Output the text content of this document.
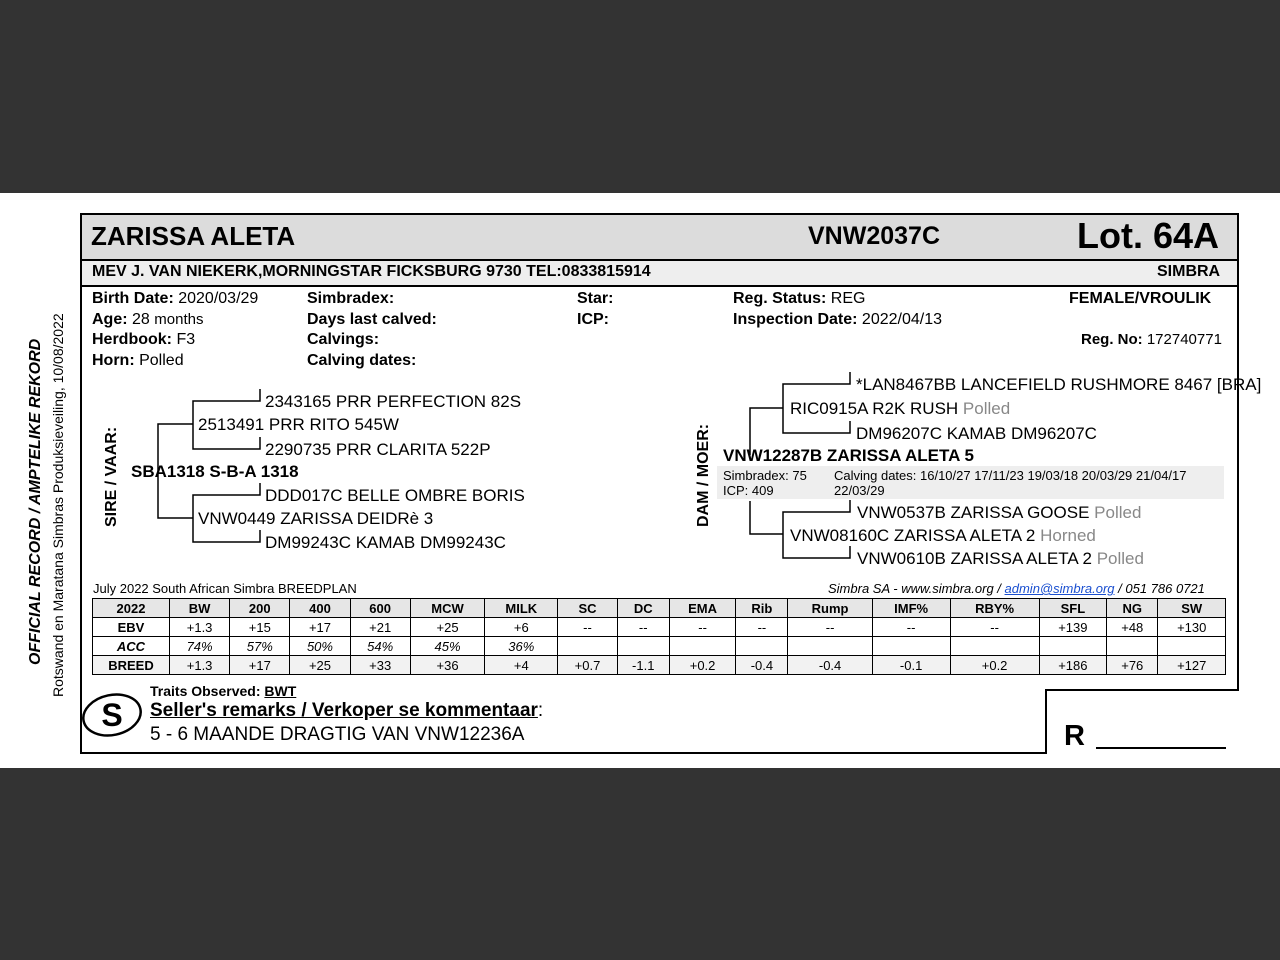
OFFICIAL RECORD / AMPTELIKE REKORD Rotswand en Maratana Simbras Produksieveiling, 10/08/2022
ZARISSA ALETA	VNW2037C	Lot. 64A
MEV J. VAN NIEKERK,MORNINGSTAR FICKSBURG 9730 TEL:0833815914	SIMBRA
Birth Date: 2020/03/29
Age: 28 months
Herdbook: F3
Horn: Polled
Simbradex:
Days last calved:
Calvings:
Calving dates:
Star:
ICP:
Reg. Status: REG
Inspection Date: 2022/04/13
FEMALE/VROULIK
Reg. No: 172740771
SIRE / VAAR:	DAM / MOER:
2343165 PRR PERFECTION 82S
2513491 PRR RITO 545W
2290735 PRR CLARITA 522P
SBA1318 S-B-A 1318
DDD017C BELLE OMBRE BORIS
VNW0449 ZARISSA DEIDRè 3
DM99243C KAMAB DM99243C
*LAN8467BB LANCEFIELD RUSHMORE 8467 [BRA]
RIC0915A R2K RUSH Polled
DM96207C KAMAB DM96207C
VNW12287B ZARISSA ALETA 5
Simbradex: 75
ICP: 409
Calving dates: 16/10/27 17/11/23 19/03/18 20/03/29 21/04/17
22/03/29
VNW0537B ZARISSA GOOSE Polled
VNW08160C ZARISSA ALETA 2 Horned
VNW0610B ZARISSA ALETA 2 Polled
July 2022 South African Simbra BREEDPLAN	Simbra SA - www.simbra.org / admin@simbra.org / 051 786 0721
2022	BW	200	400	600	MCW	MILK	SC	DC	EMA	Rib	Rump	IMF%	RBY%	SFL	NG	SW
EBV	+1.3	+15	+17	+21	+25	+6	--	--	--	--	--	--	--	+139	+48	+130
ACC	74%	57%	50%	54%	45%	36%										
BREED	+1.3	+17	+25	+33	+36	+4	+0.7	-1.1	+0.2	-0.4	-0.4	-0.1	+0.2	+186	+76	+127
S
Traits Observed: BWT
Seller's remarks / Verkoper se kommentaar:
5 - 6 MAANDE DRAGTIG VAN VNW12236A	R
